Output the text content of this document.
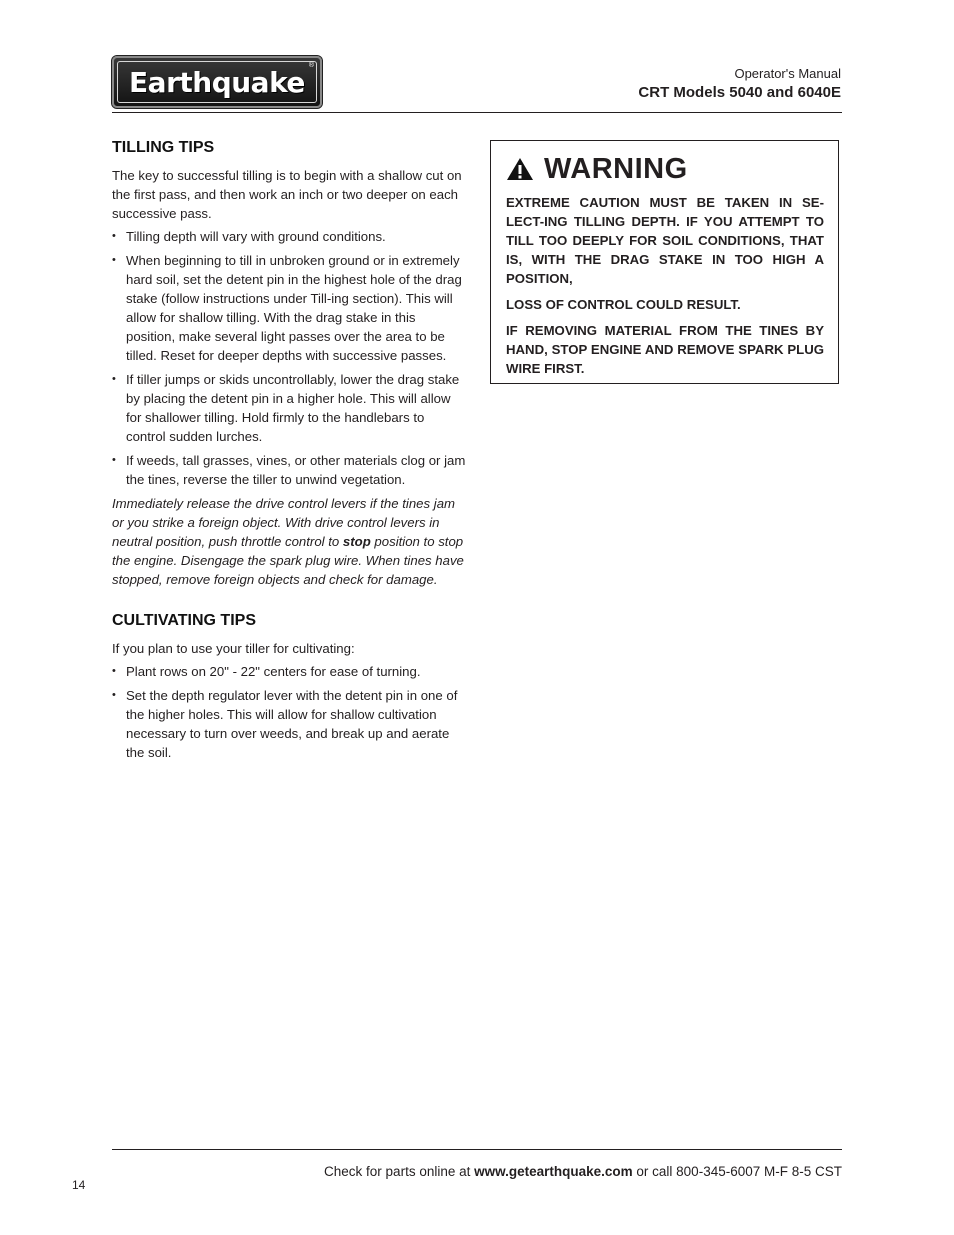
Earthquake ®
Operator's Manual
CRT Models 5040 and 6040E
TILLING TIPS

The key to successful tilling is to begin with a shallow cut on the first pass, and then work an inch or two deeper on each successive pass.

• Tilling depth will vary with ground conditions.
• When beginning to till in unbroken ground or in extremely hard soil, set the detent pin in the highest hole of the drag stake (follow instructions under Till-ing section). This will allow for shallow tilling. With the drag stake in this position, make several light passes over the area to be tilled. Reset for deeper depths with successive passes.
• If tiller jumps or skids uncontrollably, lower the drag stake by placing the detent pin in a higher hole. This will allow for shallower tilling. Hold firmly to the handlebars to control sudden lurches.
• If weeds, tall grasses, vines, or other materials clog or jam the tines, reverse the tiller to unwind vegetation.

Immediately release the drive control levers if the tines jam or you strike a foreign object. With drive control levers in neutral position, push throttle control to stop position to stop the engine. Disengage the spark plug wire. When tines have stopped, remove foreign objects and check for damage.

CULTIVATING TIPS

If you plan to use your tiller for cultivating:

• Plant rows on 20" - 22" centers for ease of turning.
• Set the depth regulator lever with the detent pin in one of the higher holes. This will allow for shallow cultivation necessary to turn over weeds, and break up and aerate the soil.
WARNING
EXTREME CAUTION MUST BE TAKEN IN SE-LECT-ING TILLING DEPTH. IF YOU ATTEMPT TO TILL TOO DEEPLY FOR SOIL CONDITIONS, THAT IS, WITH THE DRAG STAKE IN TOO HIGH A POSITION,
LOSS OF CONTROL COULD RESULT.
IF REMOVING MATERIAL FROM THE TINES BY HAND, STOP ENGINE AND REMOVE SPARK PLUG WIRE FIRST.
Check for parts online at www.getearthquake.com or call 800-345-6007 M-F 8-5 CST
14
